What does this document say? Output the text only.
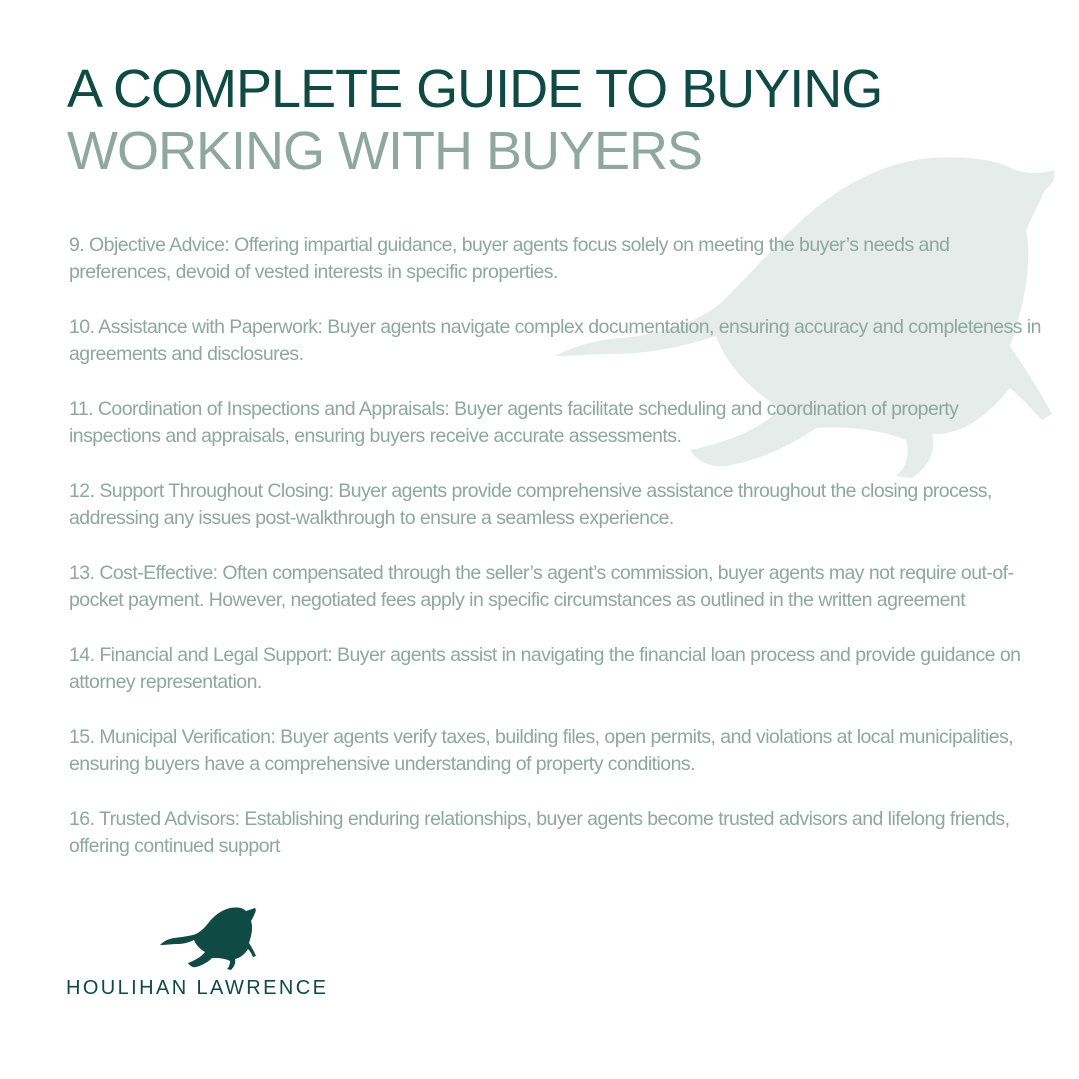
A COMPLETE GUIDE TO BUYING
WORKING WITH BUYERS
9. Objective Advice: Offering impartial guidance, buyer agents focus solely on meeting the buyer’s needs and preferences, devoid of vested interests in specific properties.
10. Assistance with Paperwork: Buyer agents navigate complex documentation, ensuring accuracy and completeness in agreements and disclosures.
11. Coordination of Inspections and Appraisals: Buyer agents facilitate scheduling and coordination of property inspections and appraisals, ensuring buyers receive accurate assessments.
12. Support Throughout Closing: Buyer agents provide comprehensive assistance throughout the closing process, addressing any issues post-walkthrough to ensure a seamless experience.
13. Cost-Effective: Often compensated through the seller’s agent’s commission, buyer agents may not require out-of-pocket payment. However, negotiated fees apply in specific circumstances as outlined in the written agreement
14. Financial and Legal Support: Buyer agents assist in navigating the financial loan process and provide guidance on attorney representation.
15. Municipal Verification: Buyer agents verify taxes, building files, open permits, and violations at local municipalities, ensuring buyers have a comprehensive understanding of property conditions.
16. Trusted Advisors: Establishing enduring relationships, buyer agents become trusted advisors and lifelong friends, offering continued support
HOULIHAN LAWRENCE
